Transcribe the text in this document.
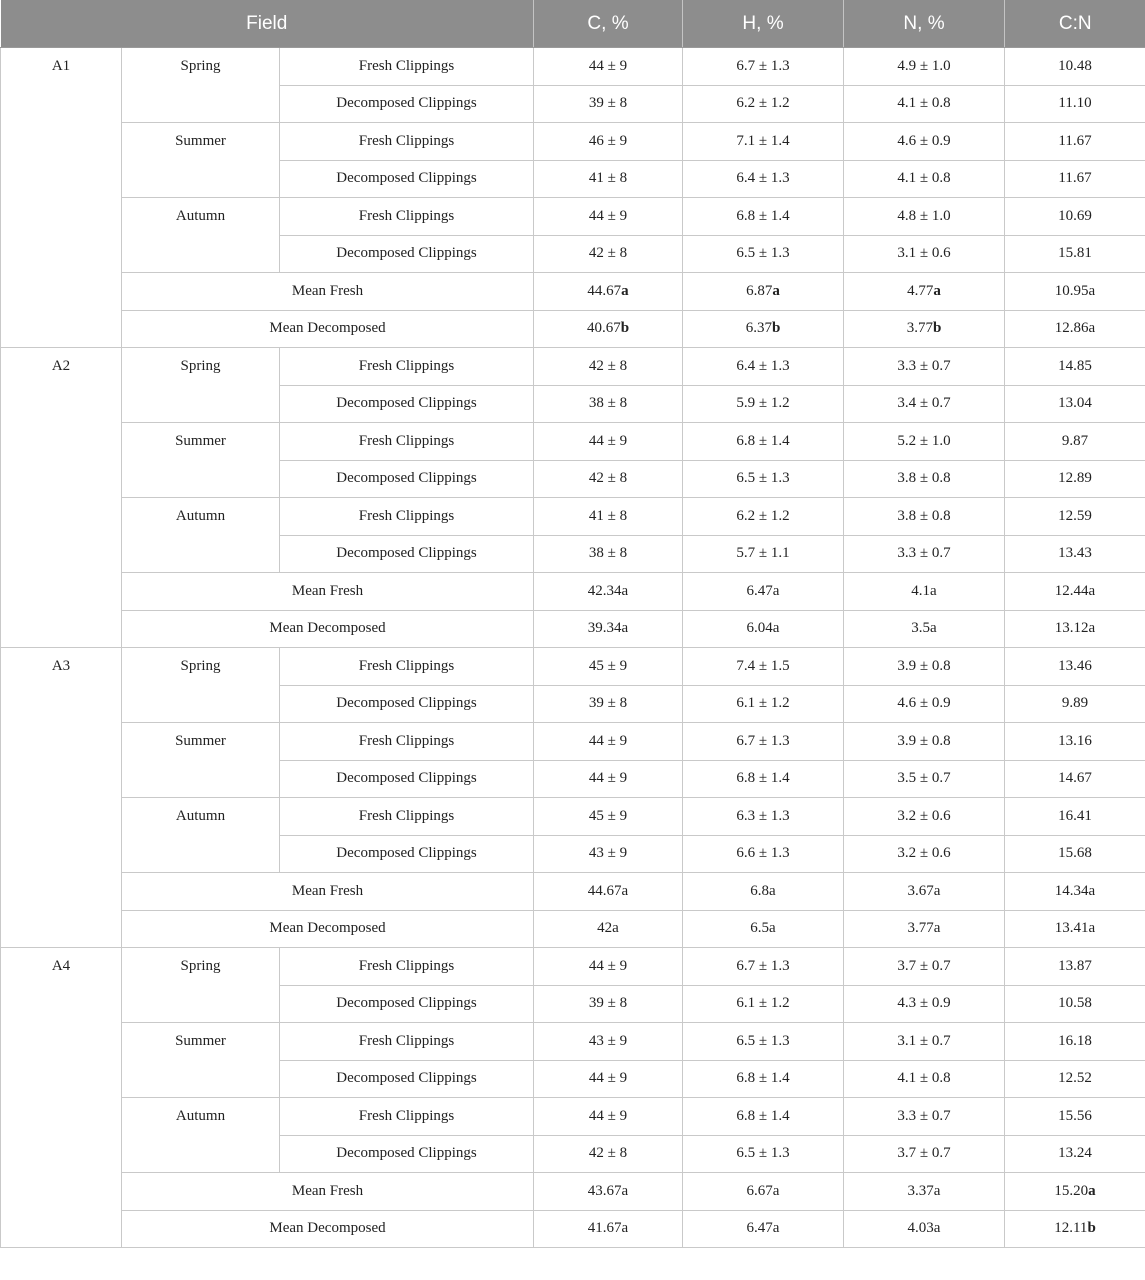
Field			C, %	H, %	N, %	C:N
A1	Spring	Fresh Clippings	44 ± 9	6.7 ± 1.3	4.9 ± 1.0	10.48
		Decomposed Clippings	39 ± 8	6.2 ± 1.2	4.1 ± 0.8	11.10
	Summer	Fresh Clippings	46 ± 9	7.1 ± 1.4	4.6 ± 0.9	11.67
		Decomposed Clippings	41 ± 8	6.4 ± 1.3	4.1 ± 0.8	11.67
	Autumn	Fresh Clippings	44 ± 9	6.8 ± 1.4	4.8 ± 1.0	10.69
		Decomposed Clippings	42 ± 8	6.5 ± 1.3	3.1 ± 0.6	15.81
	Mean Fresh		44.67a	6.87a	4.77a	10.95a
	Mean Decomposed		40.67b	6.37b	3.77b	12.86a
A2	Spring	Fresh Clippings	42 ± 8	6.4 ± 1.3	3.3 ± 0.7	14.85
		Decomposed Clippings	38 ± 8	5.9 ± 1.2	3.4 ± 0.7	13.04
	Summer	Fresh Clippings	44 ± 9	6.8 ± 1.4	5.2 ± 1.0	9.87
		Decomposed Clippings	42 ± 8	6.5 ± 1.3	3.8 ± 0.8	12.89
	Autumn	Fresh Clippings	41 ± 8	6.2 ± 1.2	3.8 ± 0.8	12.59
		Decomposed Clippings	38 ± 8	5.7 ± 1.1	3.3 ± 0.7	13.43
	Mean Fresh		42.34a	6.47a	4.1a	12.44a
	Mean Decomposed		39.34a	6.04a	3.5a	13.12a
A3	Spring	Fresh Clippings	45 ± 9	7.4 ± 1.5	3.9 ± 0.8	13.46
		Decomposed Clippings	39 ± 8	6.1 ± 1.2	4.6 ± 0.9	9.89
	Summer	Fresh Clippings	44 ± 9	6.7 ± 1.3	3.9 ± 0.8	13.16
		Decomposed Clippings	44 ± 9	6.8 ± 1.4	3.5 ± 0.7	14.67
	Autumn	Fresh Clippings	45 ± 9	6.3 ± 1.3	3.2 ± 0.6	16.41
		Decomposed Clippings	43 ± 9	6.6 ± 1.3	3.2 ± 0.6	15.68
	Mean Fresh		44.67a	6.8a	3.67a	14.34a
	Mean Decomposed		42a	6.5a	3.77a	13.41a
A4	Spring	Fresh Clippings	44 ± 9	6.7 ± 1.3	3.7 ± 0.7	13.87
		Decomposed Clippings	39 ± 8	6.1 ± 1.2	4.3 ± 0.9	10.58
	Summer	Fresh Clippings	43 ± 9	6.5 ± 1.3	3.1 ± 0.7	16.18
		Decomposed Clippings	44 ± 9	6.8 ± 1.4	4.1 ± 0.8	12.52
	Autumn	Fresh Clippings	44 ± 9	6.8 ± 1.4	3.3 ± 0.7	15.56
		Decomposed Clippings	42 ± 8	6.5 ± 1.3	3.7 ± 0.7	13.24
	Mean Fresh		43.67a	6.67a	3.37a	15.20a
	Mean Decomposed		41.67a	6.47a	4.03a	12.11b
